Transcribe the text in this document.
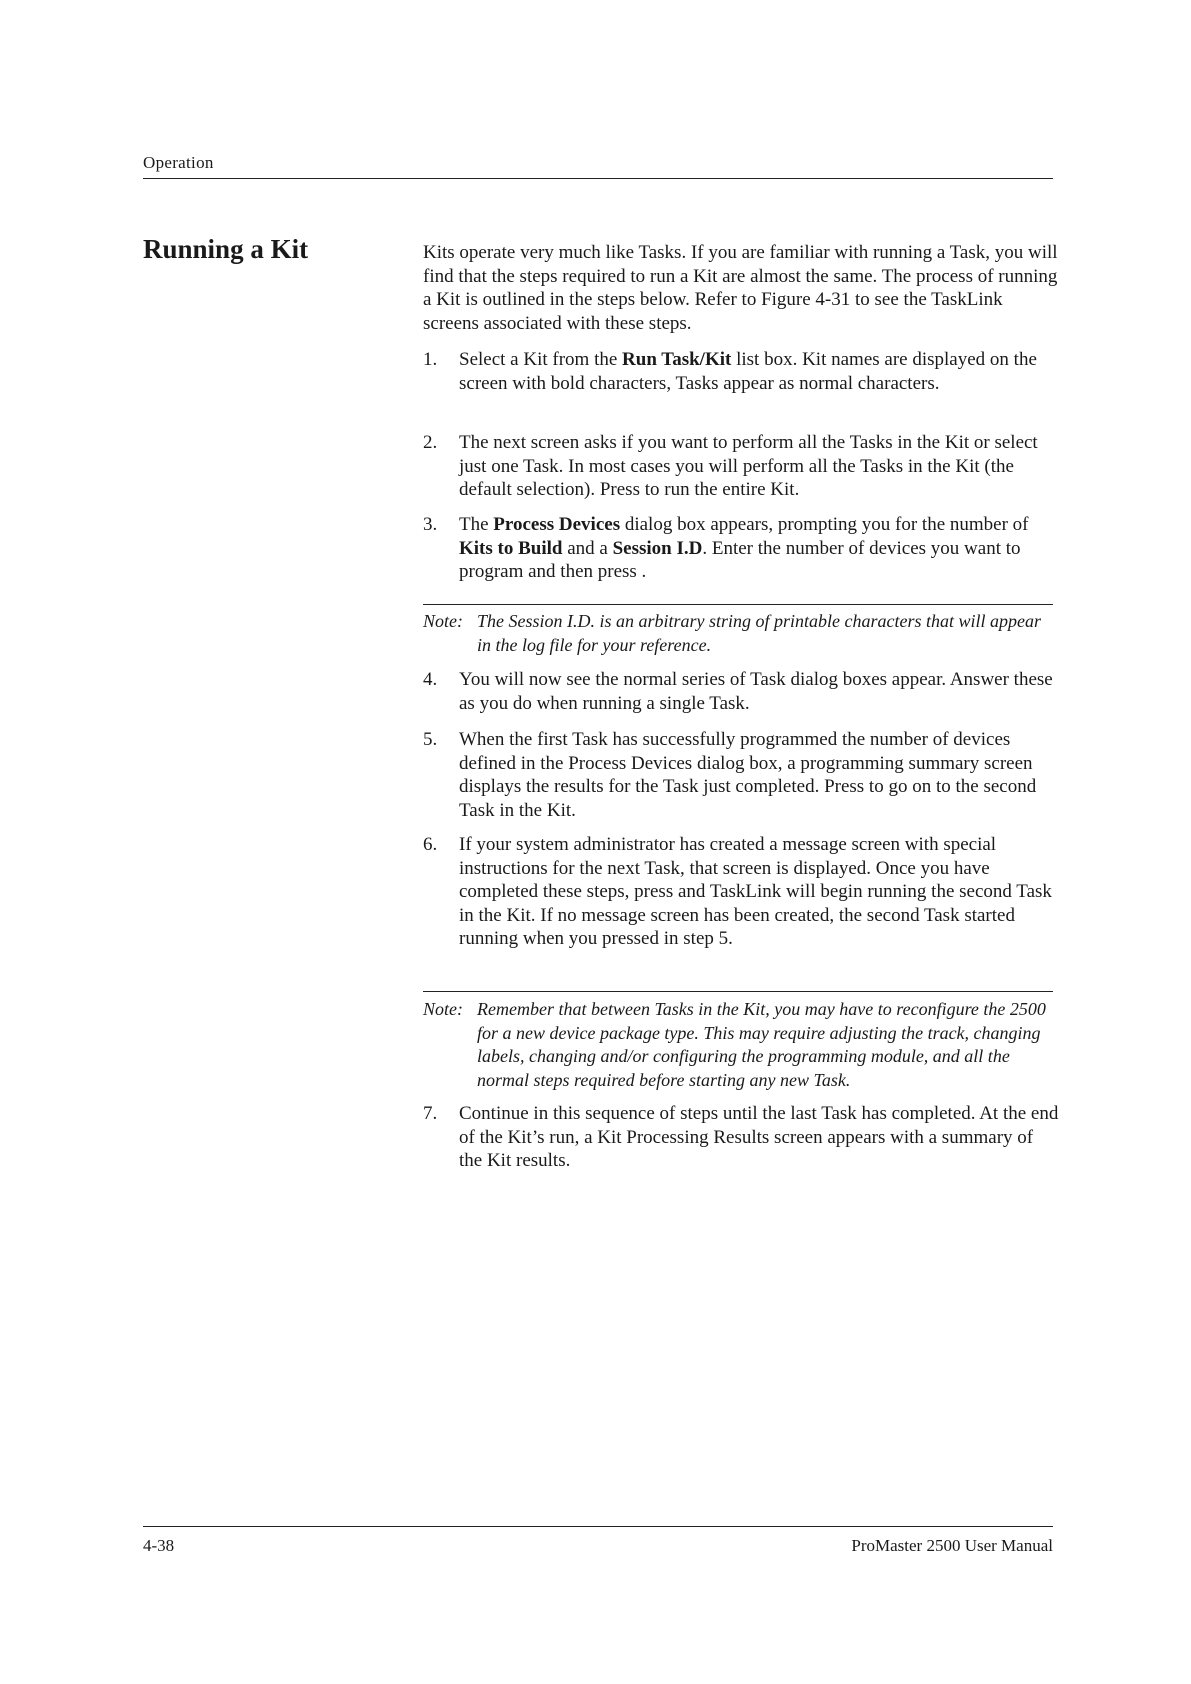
Operation
Running a Kit	Kits operate very much like Tasks. If you are familiar with running a Task, you will find that the steps required to run a Kit are almost the same. The process of running a Kit is outlined in the steps below. Refer to Figure 4-31 to see the TaskLink screens associated with these steps.

1.	Select a Kit from the Run Task/Kit list box. Kit names are displayed on the screen with bold characters, Tasks appear as normal characters.
2.	The next screen asks if you want to perform all the Tasks in the Kit or select just one Task. In most cases you will perform all the Tasks in the Kit (the default selection). Press to run the entire Kit.
3.	The Process Devices dialog box appears, prompting you for the number of Kits to Build and a Session I.D. Enter the number of devices you want to program and then press .
Note: The Session I.D. is an arbitrary string of printable characters that will appear in the log file for your reference.
4.	You will now see the normal series of Task dialog boxes appear. Answer these as you do when running a single Task.
5.	When the first Task has successfully programmed the number of devices defined in the Process Devices dialog box, a programming summary screen displays the results for the Task just completed. Press to go on to the second Task in the Kit.
6.	If your system administrator has created a message screen with special instructions for the next Task, that screen is displayed. Once you have completed these steps, press and TaskLink will begin running the second Task in the Kit. If no message screen has been created, the second Task started running when you pressed in step 5.
Note: Remember that between Tasks in the Kit, you may have to reconfigure the 2500 for a new device package type. This may require adjusting the track, changing labels, changing and/or configuring the programming module, and all the normal steps required before starting any new Task.
7.	Continue in this sequence of steps until the last Task has completed. At the end of the Kit’s run, a Kit Processing Results screen appears with a summary of the Kit results.
4-38	ProMaster 2500 User Manual
